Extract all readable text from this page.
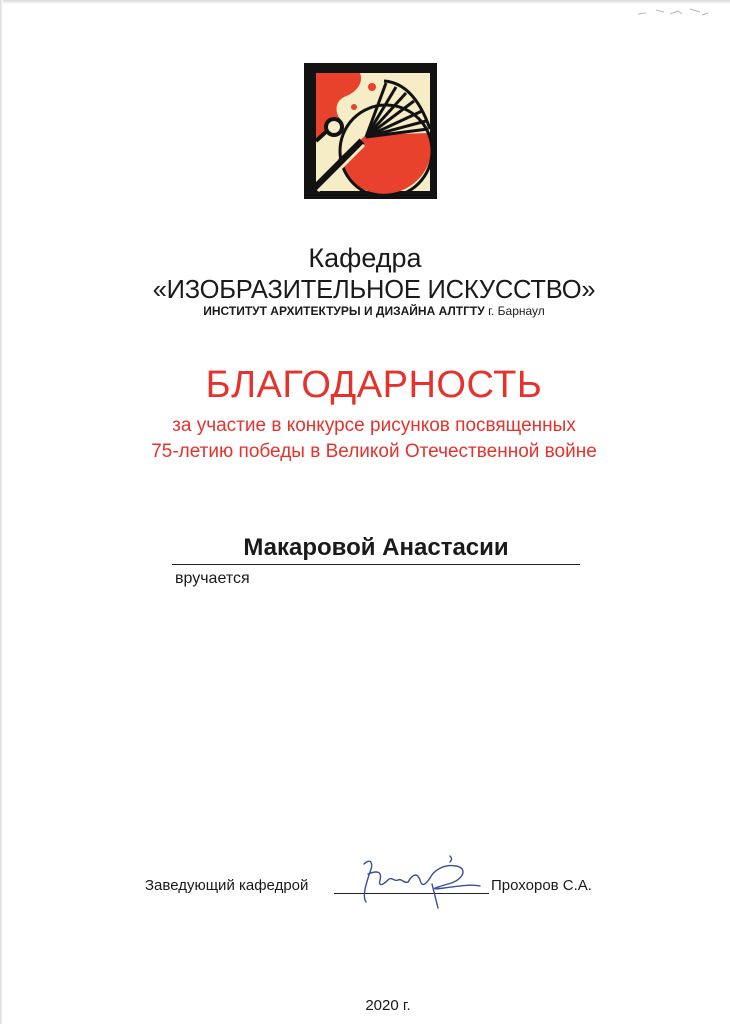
Кафедра
«ИЗОБРАЗИТЕЛЬНОЕ ИСКУССТВО»
ИНСТИТУТ АРХИТЕКТУРЫ И ДИЗАЙНА АЛТГТУ г. Барнаул
БЛАГОДАРНОСТЬ
за участие в конкурсе рисунков посвященных
75-летию победы в Великой Отечественной войне
Макаровой Анастасии
вручается
Заведующий кафедрой	Прохоров С.А.
2020 г.
